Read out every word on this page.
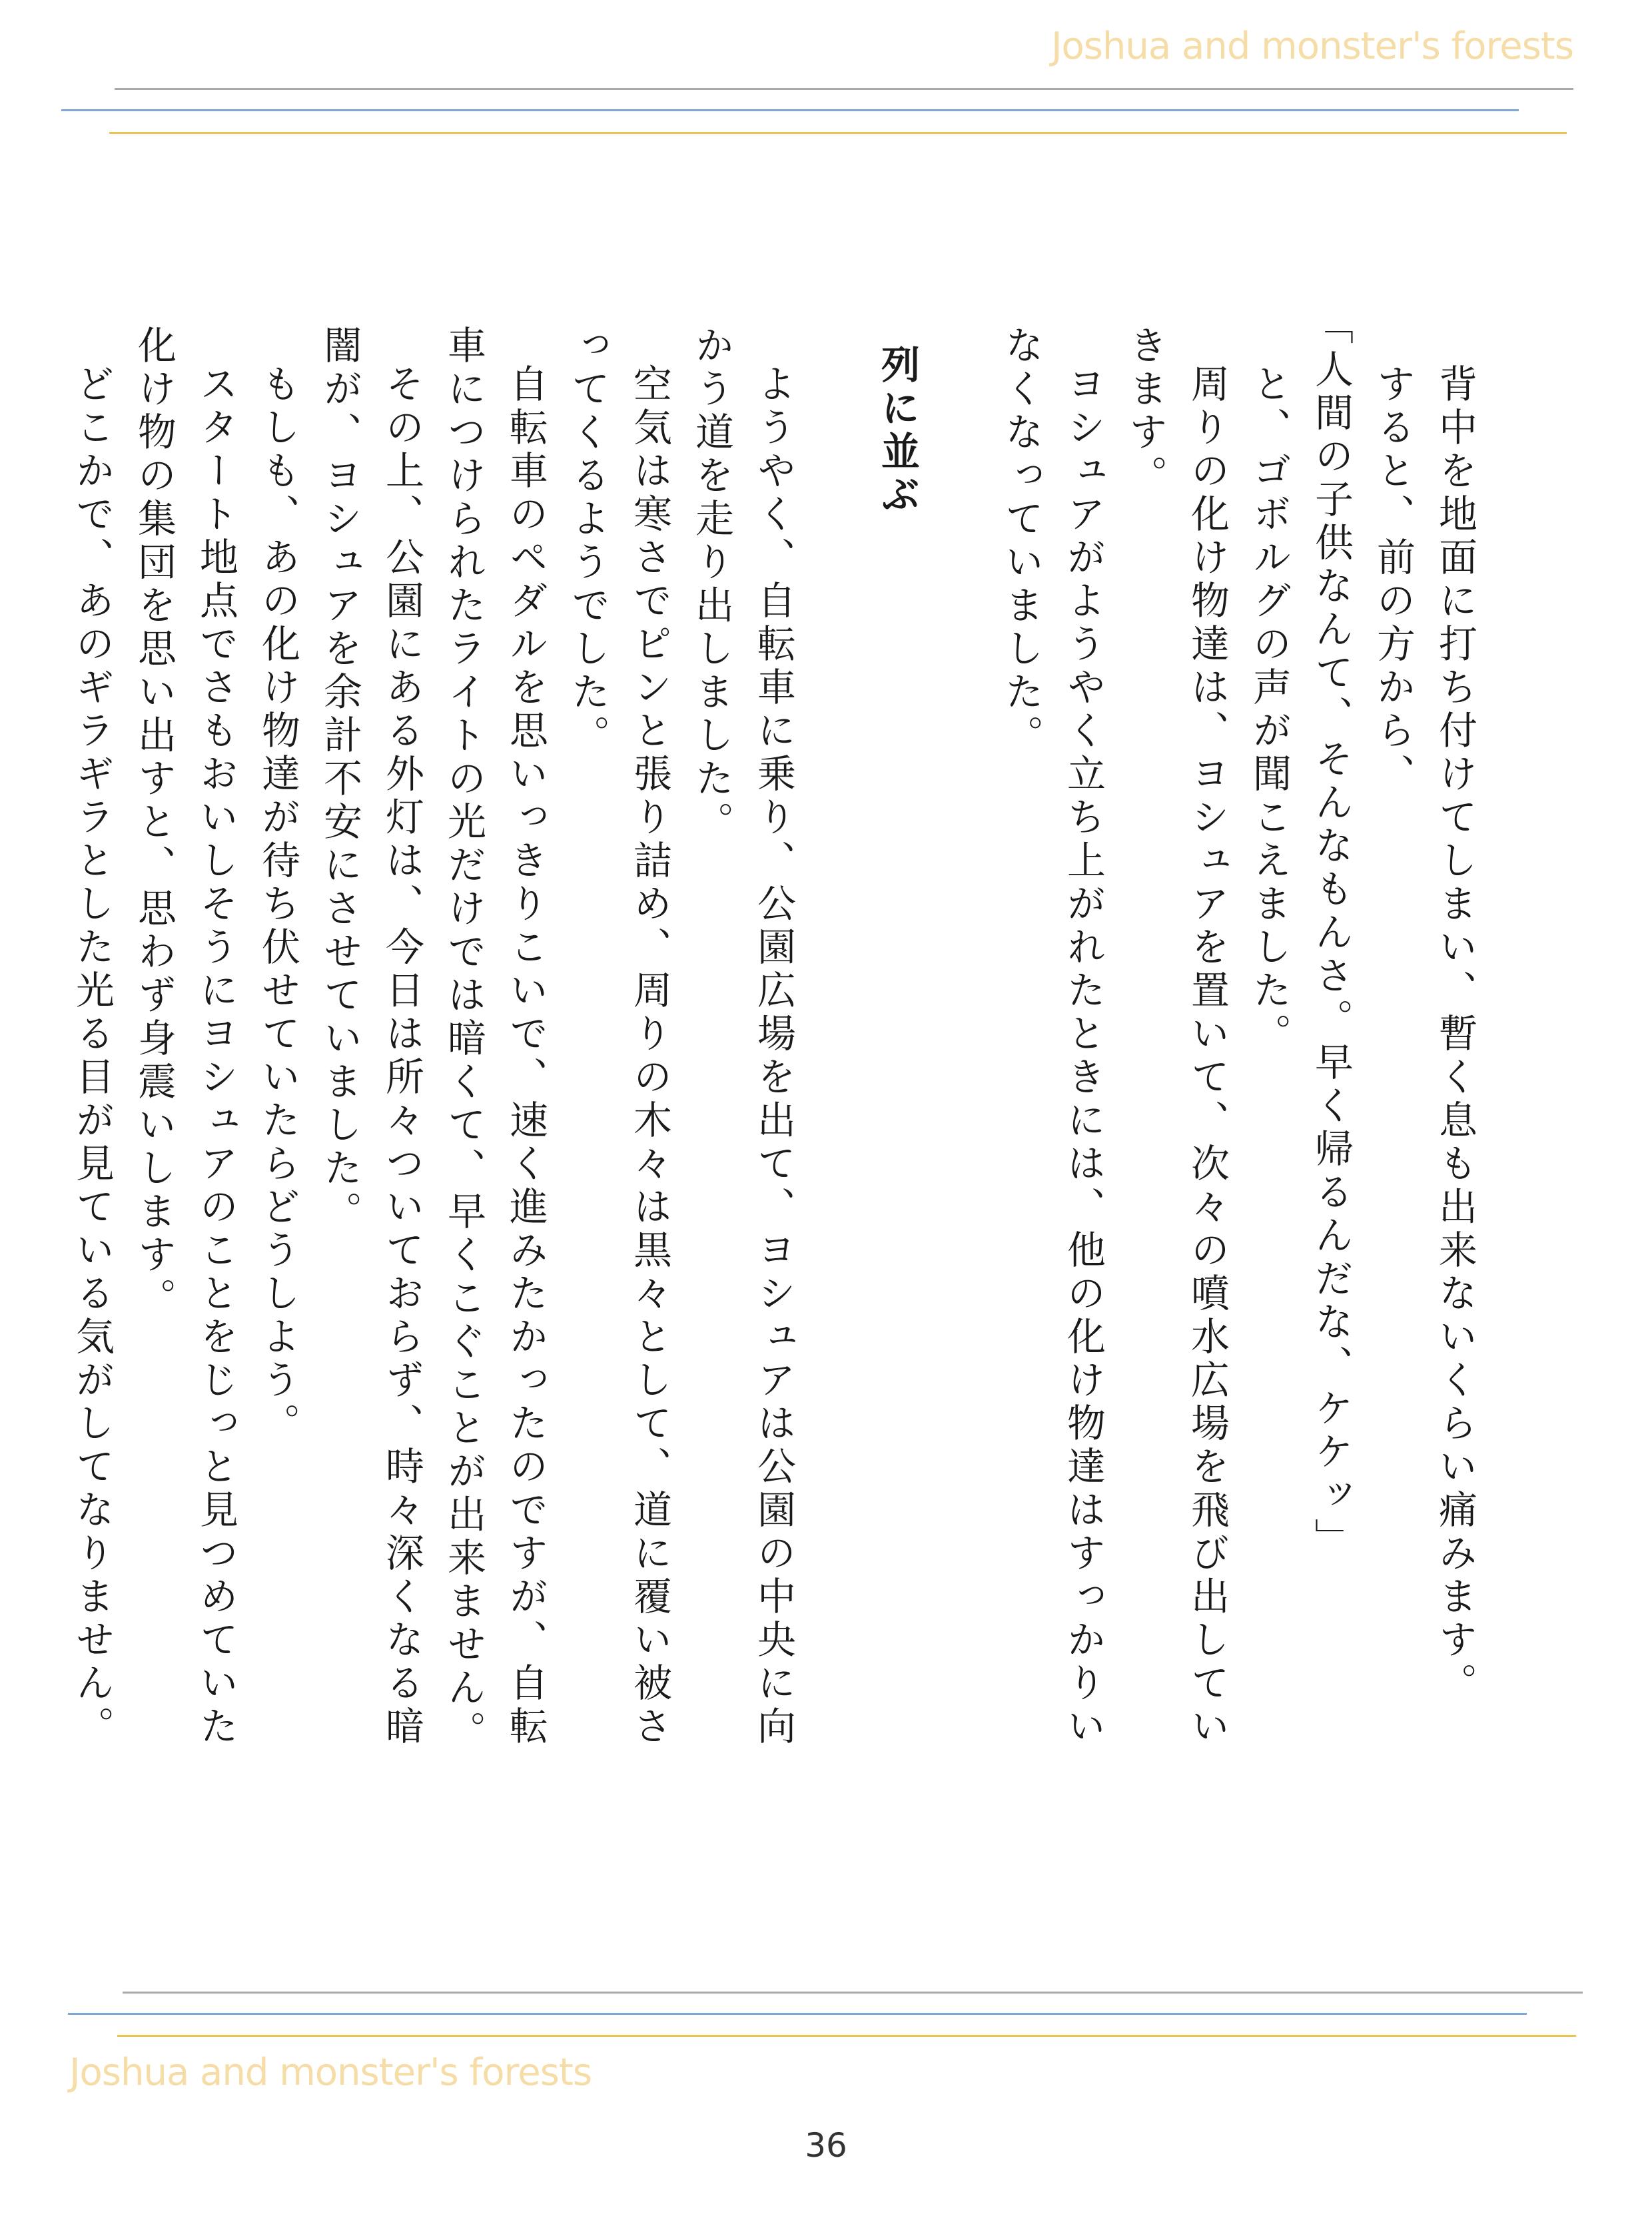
Joshua and monster's forests

背中を地面に打ち付けてしまい、暫く息も出来ないくらい痛みます。

すると、前の方から、

「人間の子供なんて、そんなもんさ。早く帰るんだな、ケケッ」

と、ゴボルグの声が聞こえました。

周りの化け物達は、ヨシュアを置いて、次々の噴水広場を飛び出していきます。

ヨシュアがようやく立ち上がれたときには、他の化け物達はすっかりいなくなっていました。

列に並ぶ

ようやく、自転車に乗り、公園広場を出て、ヨシュアは公園の中央に向かう道を走り出しました。

空気は寒さでピンと張り詰め、周りの木々は黒々として、道に覆い被さってくるようでした。

自転車のペダルを思いっきりこいで、速く進みたかったのですが、自転車につけられたライトの光だけでは暗くて、早くこぐことが出来ません。

その上、公園にある外灯は、今日は所々ついておらず、時々深くなる暗闇が、ヨシュアを余計不安にさせていました。

もしも、あの化け物達が待ち伏せていたらどうしよう。

スタート地点でさもおいしそうにヨシュアのことをじっと見つめていた化け物の集団を思い出すと、思わず身震いします。

どこかで、あのギラギラとした光る目が見ている気がしてなりません。

Joshua and monster's forests
36
